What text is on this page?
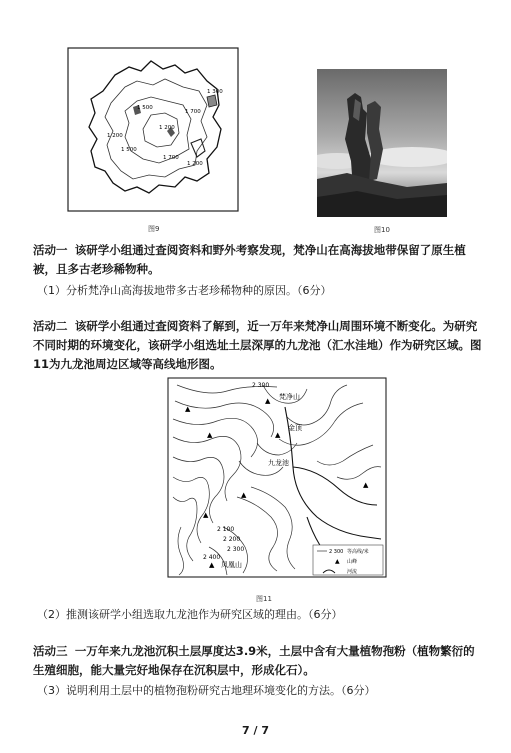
1 200
1 500
1 200
1 500
1 700
1 700
1 200
1 300
图9	图10
活动一 该研学小组通过查阅资料和野外考察发现，梵净山在高海拔地带保留了原生植被，且多古老珍稀物种。
（1）分析梵净山高海拔地带多古老珍稀物种的原因。（6分）
活动二 该研学小组通过查阅资料了解到，近一万年来梵净山周围环境不断变化。为研究不同时期的环境变化，该研学小组选址土层深厚的九龙池（汇水洼地）作为研究区域。图11为九龙池周边区域等高线地形图。
▲
▲
▲	▲
▲
▲
▲
2 300
梵净山
金顶
九龙池
2 100
2 200
2 300
2 400
凤凰山
▲
2 300 等高线/米
▲ 山峰
河流
图11
（2）推测该研学小组选取九龙池作为研究区域的理由。（6分）
活动三 一万年来九龙池沉积土层厚度达3.9米，土层中含有大量植物孢粉（植物繁衍的生殖细胞，能大量完好地保存在沉积层中，形成化石）。
（3）说明利用土层中的植物孢粉研究古地理环境变化的方法。（6分）
7 / 7
